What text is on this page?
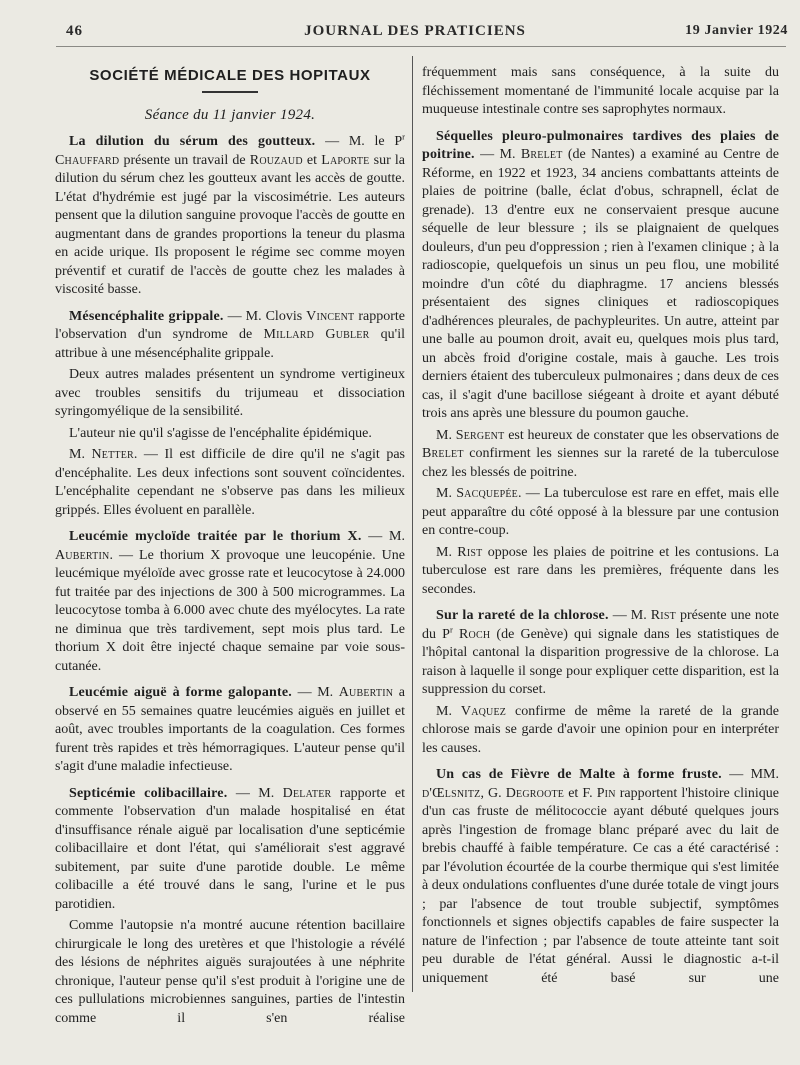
46	JOURNAL DES PRATICIENS	19 Janvier 1924
SOCIÉTÉ MÉDICALE DES HOPITAUX
Séance du 11 janvier 1924.

La dilution du sérum des goutteux. — M. le $P^r$ Chauffard présente un travail de Rouzaud et Laporte sur la dilution du sérum chez les goutteux avant les accès de goutte. L'état d'hydrémie est jugé par la viscosimétrie. Les auteurs pensent que la dilution sanguine provoque l'accès de goutte en augmentant dans de grandes proportions la teneur du plasma en acide urique. Ils proposent le régime sec comme moyen préventif et curatif de l'accès de goutte chez les malades à viscosité basse.

Mésencéphalite grippale. — M. Clovis Vincent rapporte l'observation d'un syndrome de Millard Gubler qu'il attribue à une mésencéphalite grippale.

Deux autres malades présentent un syndrome vertigineux avec troubles sensitifs du trijumeau et dissociation syringomyélique de la sensibilité.

L'auteur nie qu'il s'agisse de l'encéphalite épidémique.

M. Netter. — Il est difficile de dire qu'il ne s'agit pas d'encéphalite. Les deux infections sont souvent coïncidentes. L'encéphalite cependant ne s'observe pas dans les milieux grippés. Elles évoluent en parallèle.

Leucémie mycloïde traitée par le thorium X. — M. Aubertin. — Le thorium X provoque une leucopénie. Une leucémique myéloïde avec grosse rate et leucocytose à 24.000 fut traitée par des injections de 300 à 500 microgrammes. La leucocytose tomba à 6.000 avec chute des myélocytes. La rate ne diminua que très tardivement, sept mois plus tard. Le thorium X doit être injecté chaque semaine par voie sous-cutanée.

Leucémie aiguë à forme galopante. — M. Aubertin a observé en 55 semaines quatre leucémies aiguës en juillet et août, avec troubles importants de la coagulation. Ces formes furent très rapides et très hémorragiques. L'auteur pense qu'il s'agit d'une maladie infectieuse.

Septicémie colibacillaire. — M. Delater rapporte et commente l'observation d'un malade hospitalisé en état d'insuffisance rénale aiguë par localisation d'une septicémie colibacillaire et dont l'état, qui s'améliorait s'est aggravé subitement, par suite d'une parotide double. Le même colibacille a été trouvé dans le sang, l'urine et le pus parotidien.

Comme l'autopsie n'a montré aucune rétention bacillaire chirurgicale le long des uretères et que l'histologie a révélé des lésions de néphrites aiguës surajoutées à une néphrite chronique, l'auteur pense qu'il s'est produit à l'origine une de ces pullulations microbiennes sanguines, parties de l'intestin comme il s'en réalise

fréquemment mais sans conséquence, à la suite du fléchissement momentané de l'immunité locale acquise par la muqueuse intestinale contre ses saprophytes normaux.

Séquelles pleuro-pulmonaires tardives des plaies de poitrine. — M. Brelet (de Nantes) a examiné au Centre de Réforme, en 1922 et 1923, 34 anciens combattants atteints de plaies de poitrine (balle, éclat d'obus, schrapnell, éclat de grenade). 13 d'entre eux ne conservaient presque aucune séquelle de leur blessure ; ils se plaignaient de quelques douleurs, d'un peu d'oppression ; rien à l'examen clinique ; à la radioscopie, quelquefois un sinus un peu flou, une mobilité moindre d'un côté du diaphragme. 17 anciens blessés présentaient des signes cliniques et radioscopiques d'adhérences pleurales, de pachypleurites. Un autre, atteint par une balle au poumon droit, avait eu, quelques mois plus tard, un abcès froid d'origine costale, mais à gauche. Les trois derniers étaient des tuberculeux pulmonaires ; dans deux de ces cas, il s'agit d'une bacillose siégeant à droite et ayant débuté trois ans après une blessure du poumon gauche.

M. Sergent est heureux de constater que les observations de Brelet confirment les siennes sur la rareté de la tuberculose chez les blessés de poitrine.

M. Sacquepée. — La tuberculose est rare en effet, mais elle peut apparaître du côté opposé à la blessure par une contusion en contre-coup.

M. Rist oppose les plaies de poitrine et les contusions. La tuberculose est rare dans les premières, fréquente dans les secondes.

Sur la rareté de la chlorose. — M. Rist présente une note du $P^r$ Roch (de Genève) qui signale dans les statistiques de l'hôpital cantonal la disparition progressive de la chlorose. La raison à laquelle il songe pour expliquer cette disparition, est la suppression du corset.

M. Vaquez confirme de même la rareté de la grande chlorose mais se garde d'avoir une opinion pour en interpréter les causes.

Un cas de Fièvre de Malte à forme fruste. — MM. d'Œlsnitz, G. Degroote et F. Pin rapportent l'histoire clinique d'un cas fruste de mélitococcie ayant débuté quelques jours après l'ingestion de fromage blanc préparé avec du lait de brebis chauffé à faible température. Ce cas a été caractérisé : par l'évolution écourtée de la courbe thermique qui s'est limitée à deux ondulations confluentes d'une durée totale de vingt jours ; par l'absence de tout trouble subjectif, symptômes fonctionnels et signes objectifs capables de faire suspecter la nature de l'infection ; par l'absence de toute atteinte tant soit peu durable de l'état général. Aussi le diagnostic a-t-il uniquement été basé sur une
